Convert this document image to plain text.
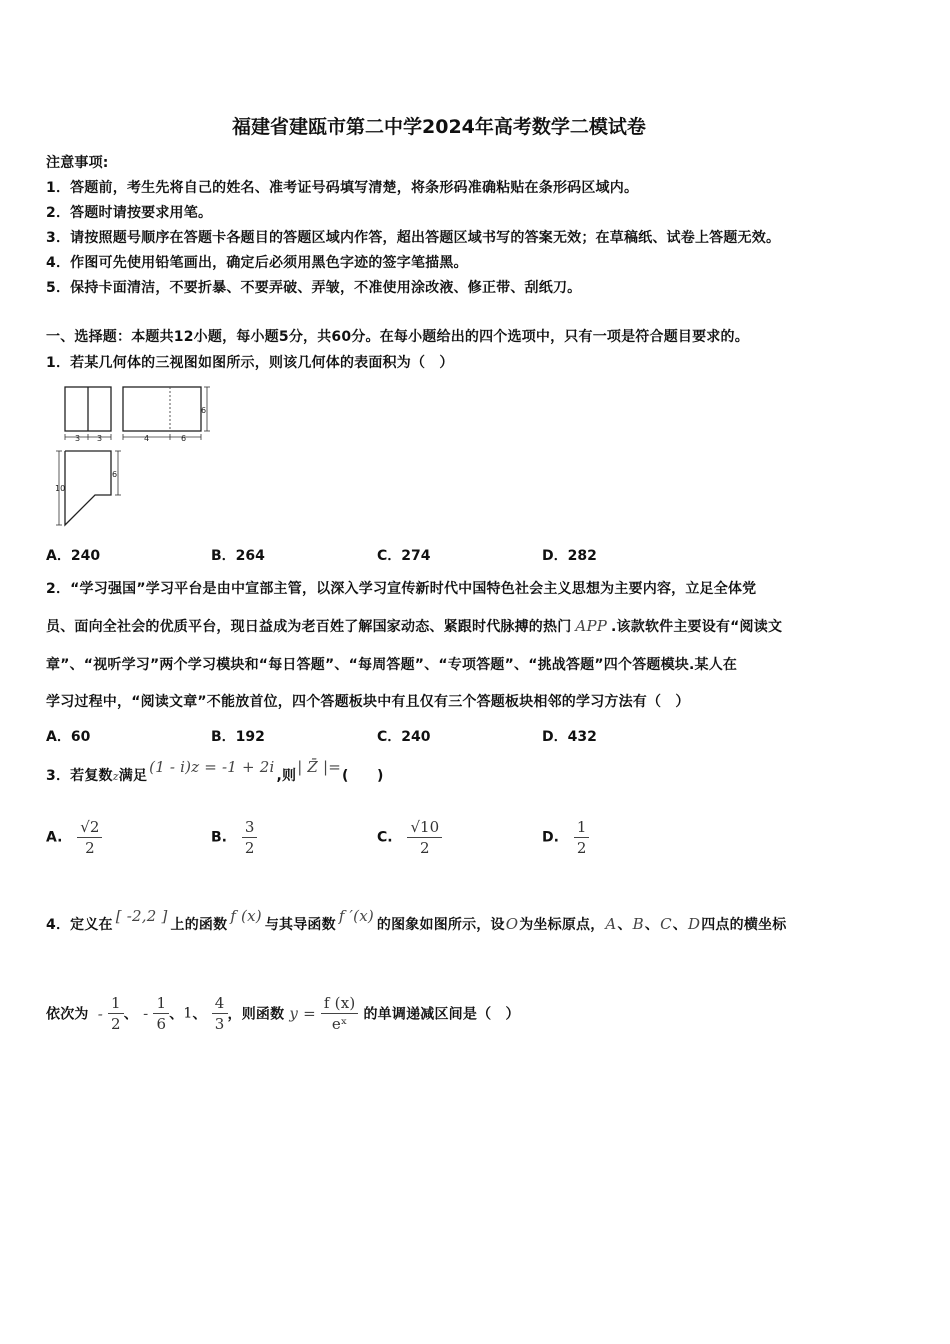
福建省建瓯市第二中学2024年高考数学二模试卷
注意事项:
1．答题前，考生先将自己的姓名、准考证号码填写清楚，将条形码准确粘贴在条形码区域内。
2．答题时请按要求用笔。
3．请按照题号顺序在答题卡各题目的答题区域内作答，超出答题区域书写的答案无效；在草稿纸、试卷上答题无效。
4．作图可先使用铅笔画出，确定后必须用黑色字迹的签字笔描黑。
5．保持卡面清洁，不要折暴、不要弄破、弄皱，不准使用涂改液、修正带、刮纸刀。
一、选择题：本题共12小题，每小题5分，共60分。在每小题给出的四个选项中，只有一项是符合题目要求的。
1．若某几何体的三视图如图所示，则该几何体的表面积为（　）
3 3
6
4	6
10
6
A．240	B．264	C．274	D．282
2．“学习强国”学习平台是由中宣部主管，以深入学习宣传新时代中国特色社会主义思想为主要内容，立足全体党
员、面向全社会的优质平台，现日益成为老百姓了解国家动态、紧跟时代脉搏的热门 APP .该款软件主要设有“阅读文
章”、“视听学习”两个学习模块和“每日答题”、“每周答题”、“专项答题”、“挑战答题”四个答题模块.某人在
学习过程中，“阅读文章”不能放首位，四个答题板块中有且仅有三个答题板块相邻的学习方法有（　）
A．60	B．192	C．240	D．432
3．若复数z满足 (1 - i)z = -1 + 2i ,则| Z̄ |=(　　)
A. $\frac{√2}{2}$	B. $\frac{3}{2}$	C. $\frac{√10}{2}$	D. $\frac{1}{2}$
4．定义在 [ -2,2 ] 上的函数 f (x) 与其导函数 f ′(x) 的图象如图所示，设O为坐标原点，A、B、C、D四点的横坐标
依次为 - $\frac{1}{2}$ 、 - $\frac{1}{6}$ 、1、 $\frac{4}{3}$ ，则函数 $y = \frac{f (x)}{\text{eˣ}}$ 的单调递减区间是（　）
